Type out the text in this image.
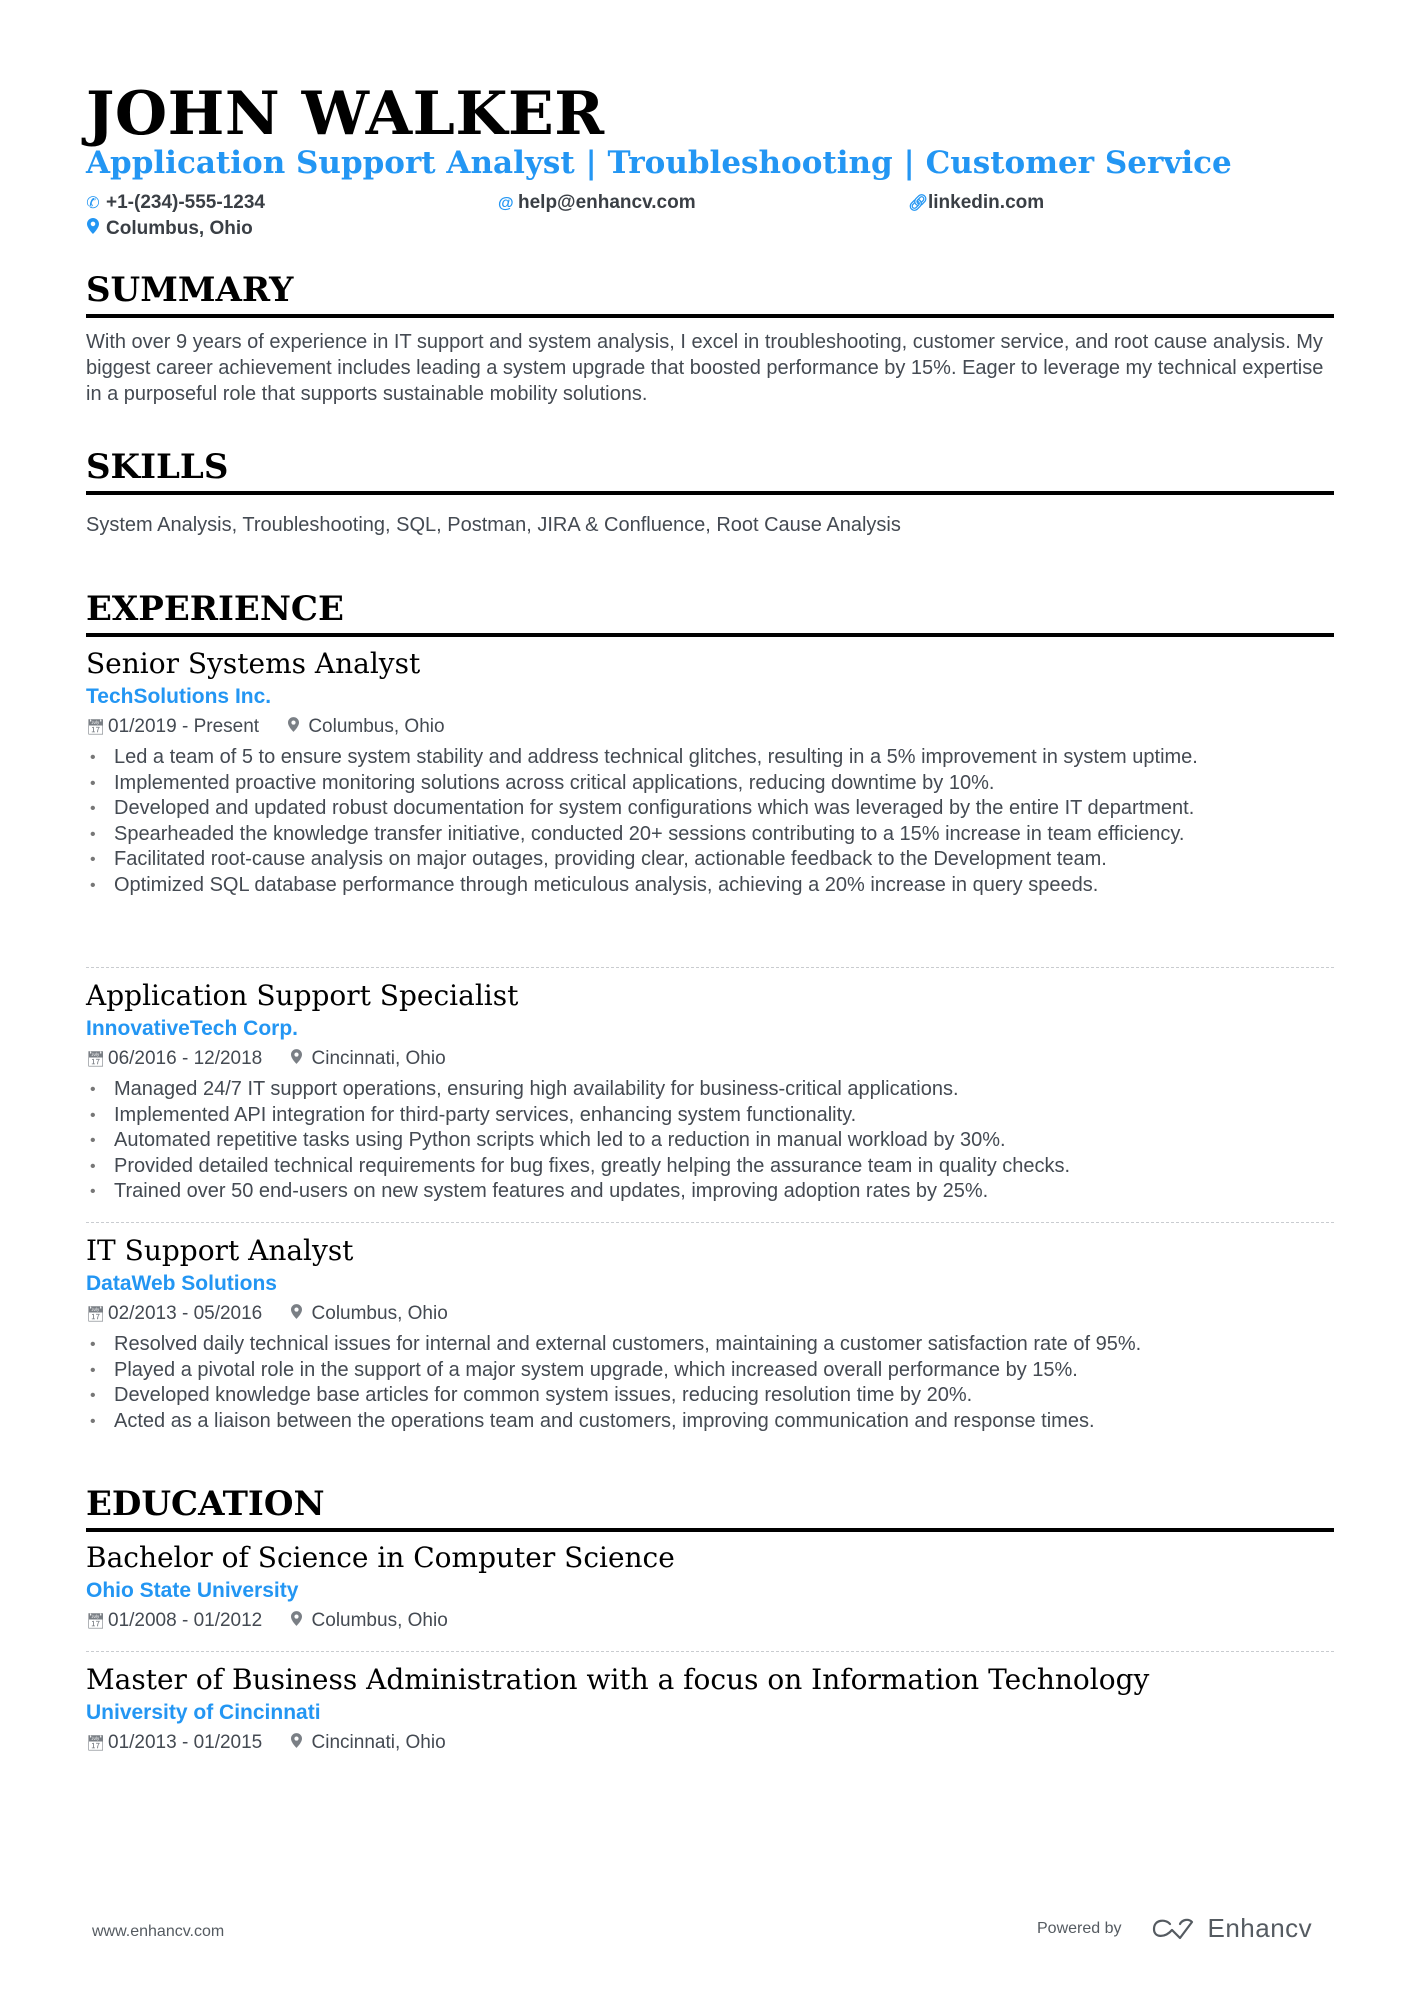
JOHN WALKER
Application Support Analyst | Troubleshooting | Customer Service
✆ +1-(234)-555-1234	@ help@enhancv.com	🔗︎linkedin.com
Columbus, Ohio
SUMMARY
With over 9 years of experience in IT support and system analysis, I excel in troubleshooting, customer service, and root cause analysis. My biggest career achievement includes leading a system upgrade that boosted performance by 15%. Eager to leverage my technical expertise in a purposeful role that supports sustainable mobility solutions.
SKILLS
System Analysis, Troubleshooting, SQL, Postman, JIRA & Confluence, Root Cause Analysis
EXPERIENCE
Senior Systems Analyst
TechSolutions Inc.
📅︎ 01/2019 - Present	Columbus, Ohio
• Led a team of 5 to ensure system stability and address technical glitches, resulting in a 5% improvement in system uptime.
• Implemented proactive monitoring solutions across critical applications, reducing downtime by 10%.
• Developed and updated robust documentation for system configurations which was leveraged by the entire IT department.
• Spearheaded the knowledge transfer initiative, conducted 20+ sessions contributing to a 15% increase in team efficiency.
• Facilitated root-cause analysis on major outages, providing clear, actionable feedback to the Development team.
• Optimized SQL database performance through meticulous analysis, achieving a 20% increase in query speeds.
Application Support Specialist
InnovativeTech Corp.
📅︎ 06/2016 - 12/2018	Cincinnati, Ohio
• Managed 24/7 IT support operations, ensuring high availability for business-critical applications.
• Implemented API integration for third-party services, enhancing system functionality.
• Automated repetitive tasks using Python scripts which led to a reduction in manual workload by 30%.
• Provided detailed technical requirements for bug fixes, greatly helping the assurance team in quality checks.
• Trained over 50 end-users on new system features and updates, improving adoption rates by 25%.
IT Support Analyst
DataWeb Solutions
📅︎ 02/2013 - 05/2016	Columbus, Ohio
• Resolved daily technical issues for internal and external customers, maintaining a customer satisfaction rate of 95%.
• Played a pivotal role in the support of a major system upgrade, which increased overall performance by 15%.
• Developed knowledge base articles for common system issues, reducing resolution time by 20%.
• Acted as a liaison between the operations team and customers, improving communication and response times.
EDUCATION
Bachelor of Science in Computer Science
Ohio State University
📅︎ 01/2008 - 01/2012	Columbus, Ohio
Master of Business Administration with a focus on Information Technology
University of Cincinnati
📅︎ 01/2013 - 01/2015	Cincinnati, Ohio
www.enhancv.com	Powered by	Enhancv
